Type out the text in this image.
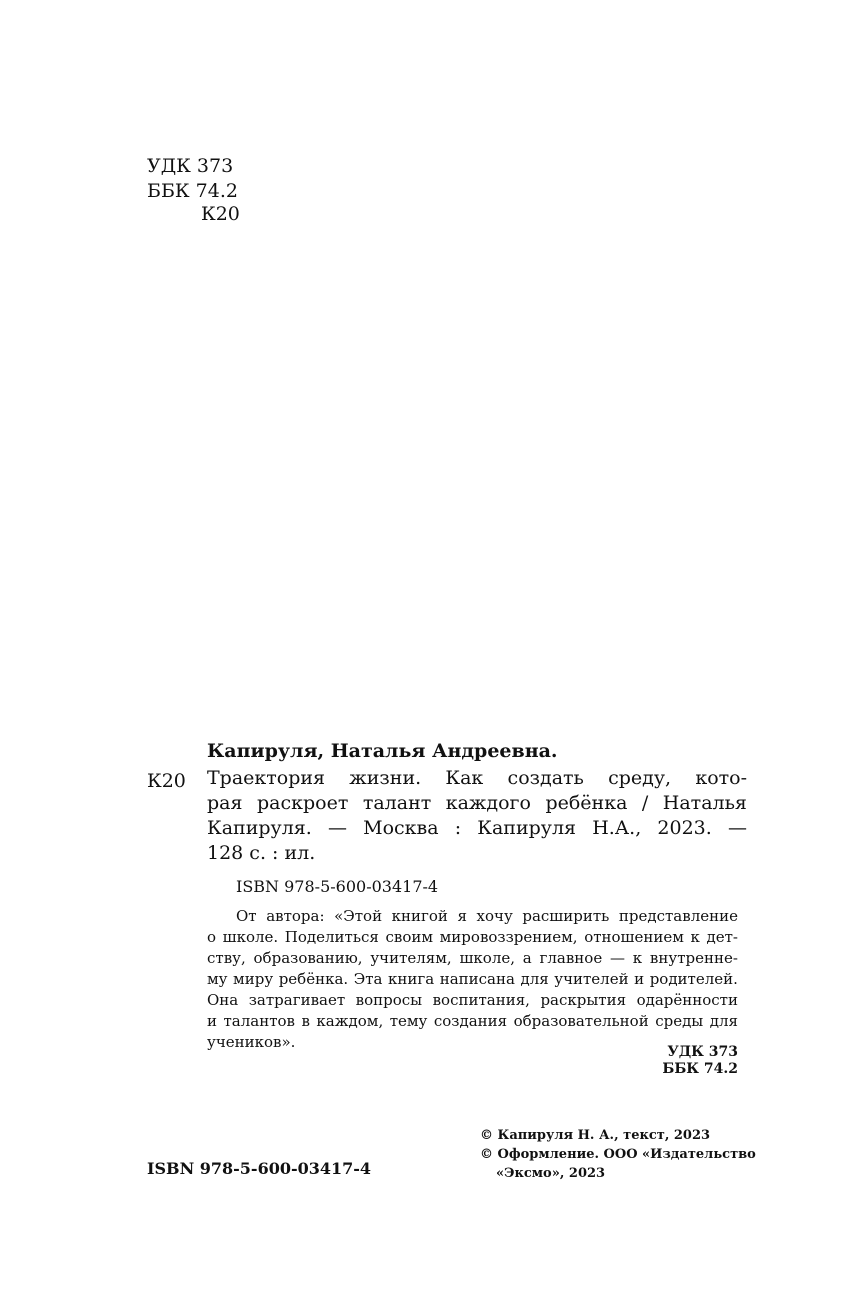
УДК 373
ББК 74.2
К20
Капируля, Наталья Андреевна.
К20 Траектория жизни. Как создать среду, кото-
рая раскроет талант каждого ребёнка / Наталья
Капируля. — Москва : Капируля Н.А., 2023. —
128 с. : ил.
ISBN 978-5-600-03417-4
От автора: «Этой книгой я хочу расширить представление
о школе. Поделиться своим мировоззрением, отношением к дет-
ству, образованию, учителям, школе, а главное — к внутренне-
му миру ребёнка. Эта книга написана для учителей и родителей.
Она затрагивает вопросы воспитания, раскрытия одарённости
и талантов в каждом, тему создания образовательной среды для
учеников».
УДК 373
ББК 74.2
ISBN 978-5-600-03417-4
© Капируля Н. А., текст, 2023
© Оформление. ООО «Издательство
«Эксмо», 2023
